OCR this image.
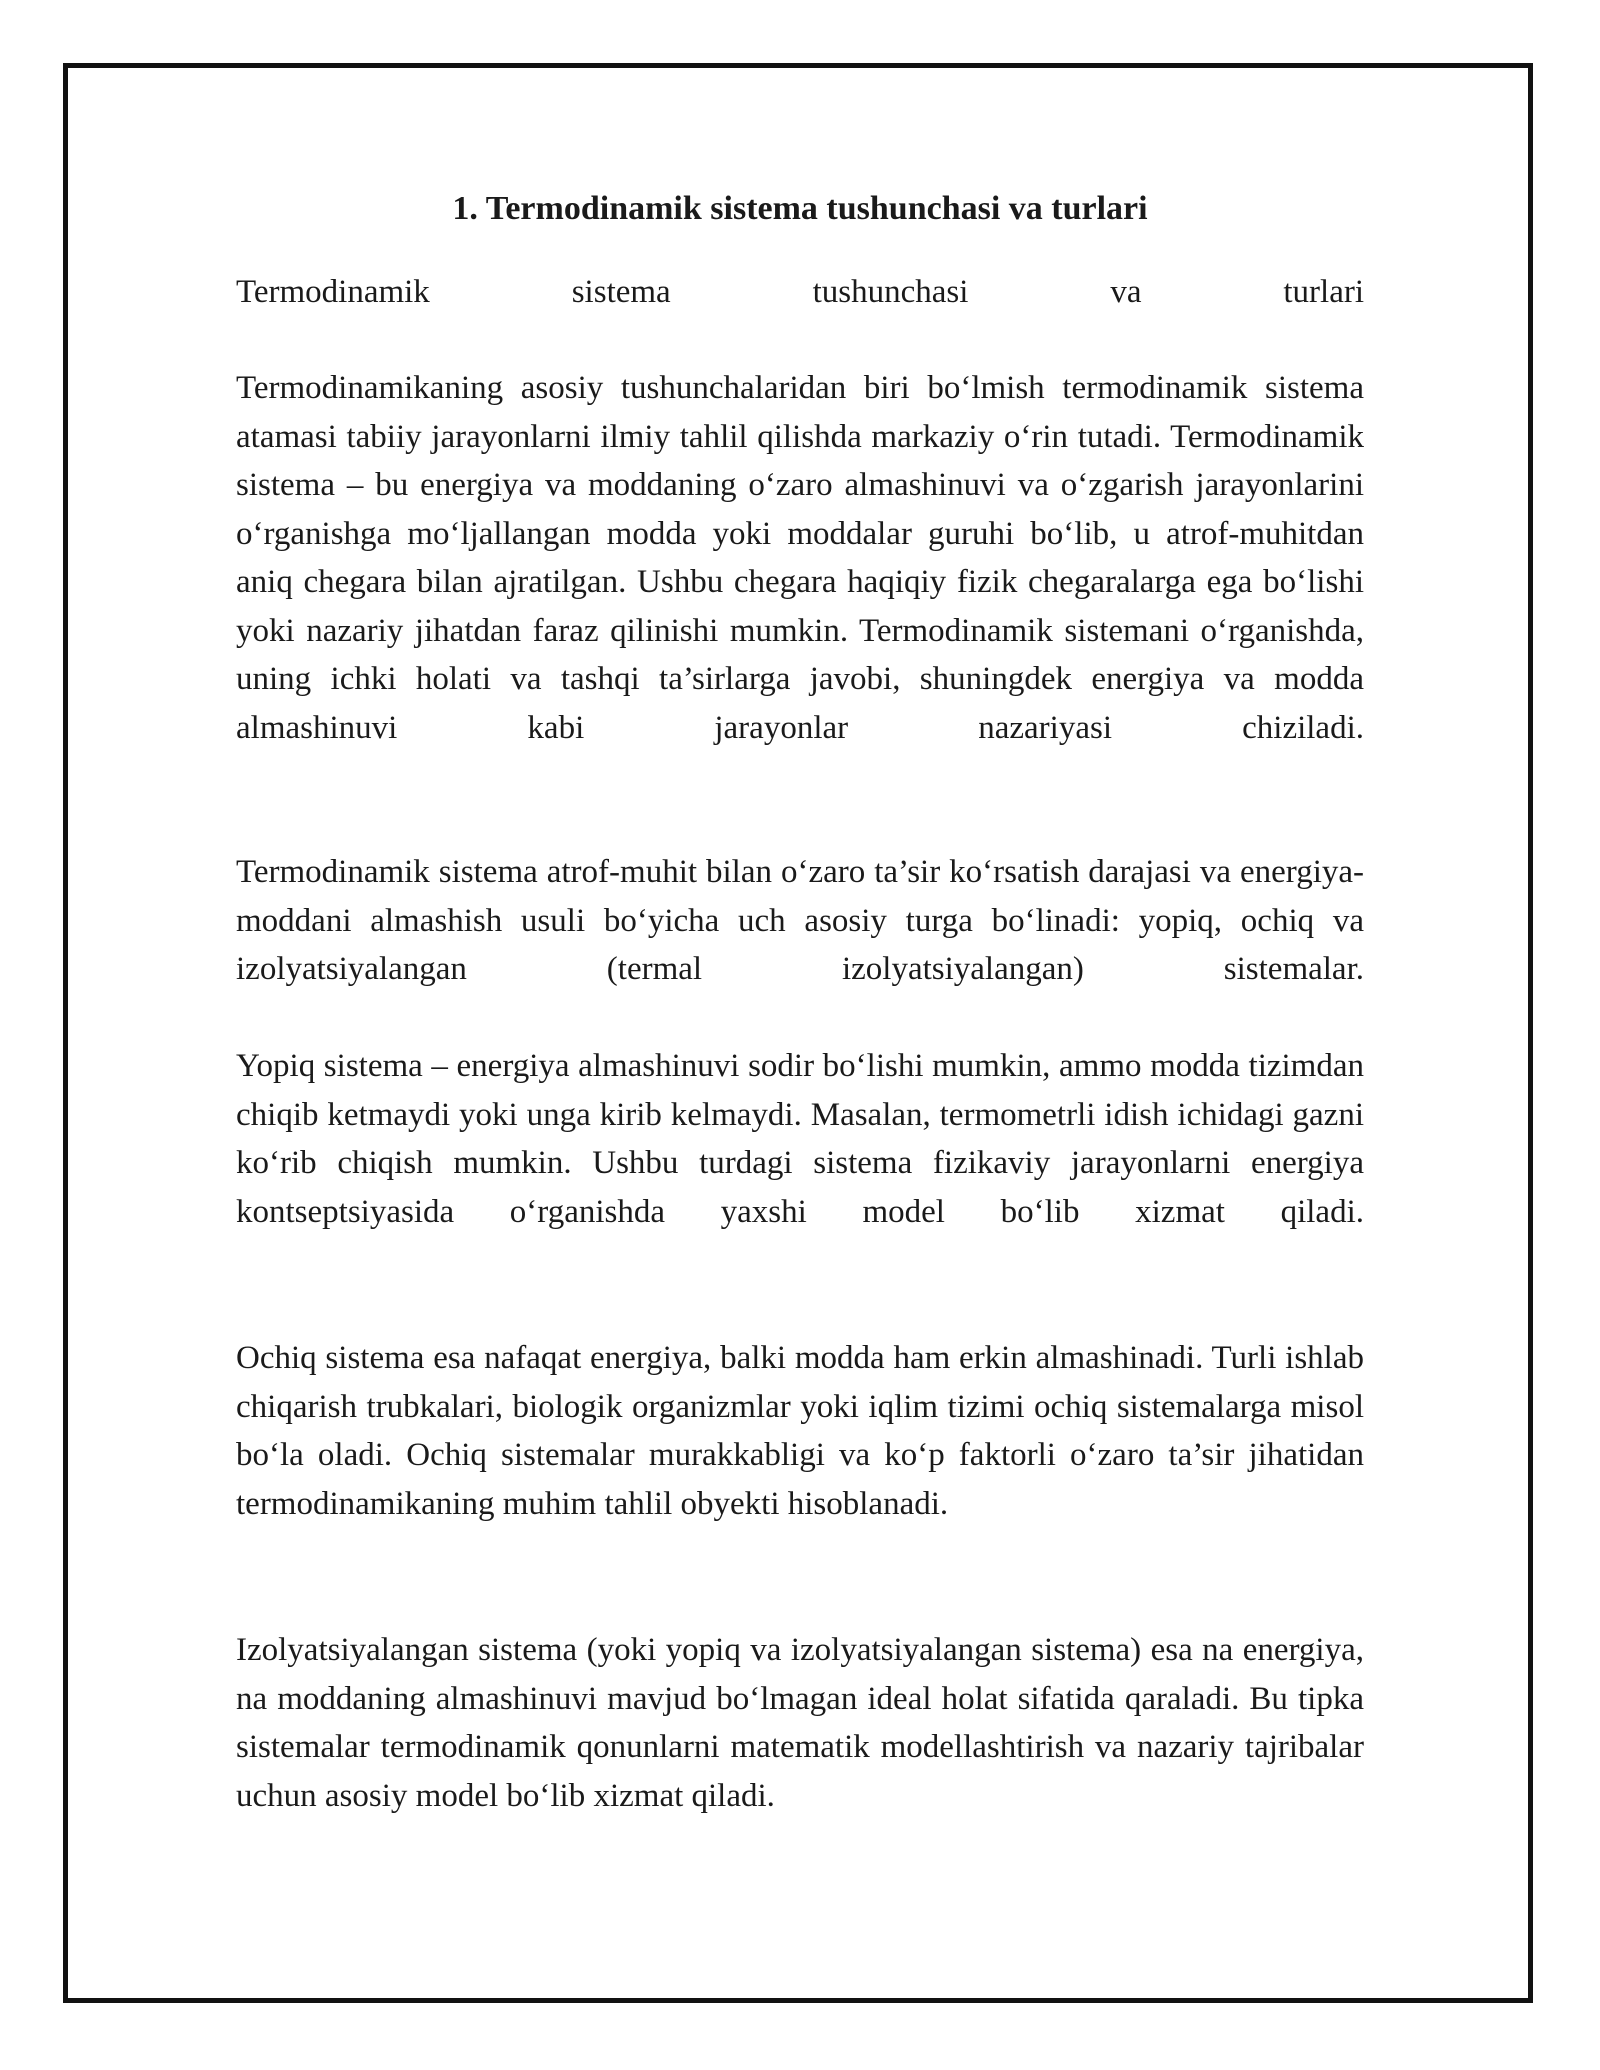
1. Termodinamik sistema tushunchasi va turlari

Termodinamik sistema tushunchasi va turlari

Termodinamikaning asosiy tushunchalaridan biri bo‘lmish termodinamik sistema atamasi tabiiy jarayonlarni ilmiy tahlil qilishda markaziy o‘rin tutadi. Termodinamik sistema – bu energiya va moddaning o‘zaro almashinuvi va o‘zgarish jarayonlarini o‘rganishga mo‘ljallangan modda yoki moddalar guruhi bo‘lib, u atrof-muhitdan aniq chegara bilan ajratilgan. Ushbu chegara haqiqiy fizik chegaralarga ega bo‘lishi yoki nazariy jihatdan faraz qilinishi mumkin. Termodinamik sistemani o‘rganishda, uning ichki holati va tashqi ta’sirlarga javobi, shuningdek energiya va modda almashinuvi kabi jarayonlar nazariyasi chiziladi.

Termodinamik sistema atrof-muhit bilan o‘zaro ta’sir ko‘rsatish darajasi va energiya-moddani almashish usuli bo‘yicha uch asosiy turga bo‘linadi: yopiq, ochiq va izolyatsiyalangan (termal izolyatsiyalangan) sistemalar.

Yopiq sistema – energiya almashinuvi sodir bo‘lishi mumkin, ammo modda tizimdan chiqib ketmaydi yoki unga kirib kelmaydi. Masalan, termometrli idish ichidagi gazni ko‘rib chiqish mumkin. Ushbu turdagi sistema fizikaviy jarayonlarni energiya kontseptsiyasida o‘rganishda yaxshi model bo‘lib xizmat qiladi.

Ochiq sistema esa nafaqat energiya, balki modda ham erkin almashinadi. Turli ishlab chiqarish trubkalari, biologik organizmlar yoki iqlim tizimi ochiq sistemalarga misol bo‘la oladi. Ochiq sistemalar murakkabligi va ko‘p faktorli o‘zaro ta’sir jihatidan termodinamikaning muhim tahlil obyekti hisoblanadi.

Izolyatsiyalangan sistema (yoki yopiq va izolyatsiyalangan sistema) esa na energiya, na moddaning almashinuvi mavjud bo‘lmagan ideal holat sifatida qaraladi. Bu tipka sistemalar termodinamik qonunlarni matematik modellashtirish va nazariy tajribalar uchun asosiy model bo‘lib xizmat qiladi.
